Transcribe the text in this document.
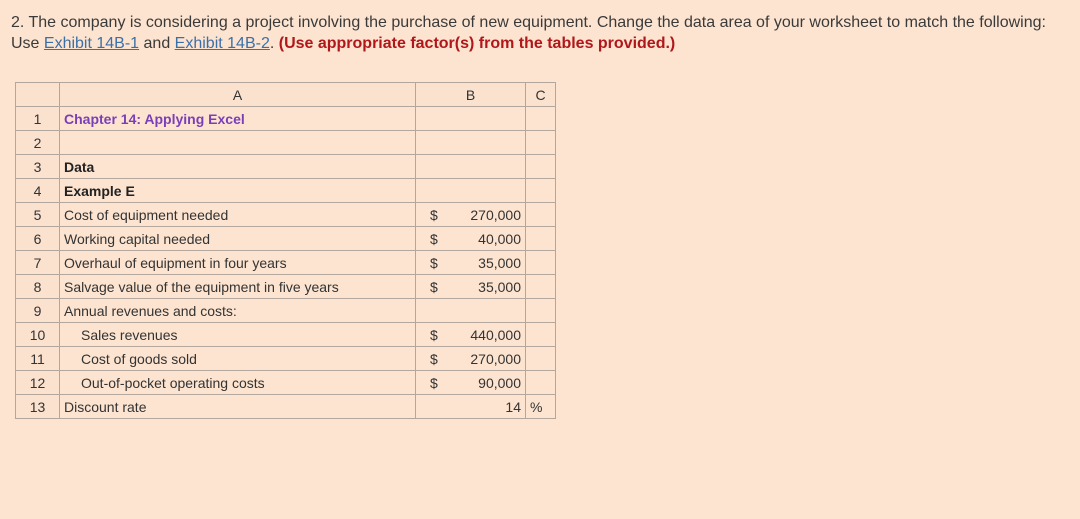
2. The company is considering a project involving the purchase of new equipment. Change the data area of your worksheet to match the following: Use Exhibit 14B-1 and Exhibit 14B-2. (Use appropriate factor(s) from the tables provided.)
	A	B	C
1	Chapter 14: Applying Excel	

2		

3	Data	

4	Example E	

5	Cost of equipment needed	$ 270,000	

6	Working capital needed	$ 40,000	

7	Overhaul of equipment in four years	$ 35,000	

8	Salvage value of the equipment in five years	$ 35,000	

9	Annual revenues and costs:	

10	Sales revenues	$ 440,000	

11	Cost of goods sold	$ 270,000	

12	Out-of-pocket operating costs	$ 90,000	

13	Discount rate	14	%
